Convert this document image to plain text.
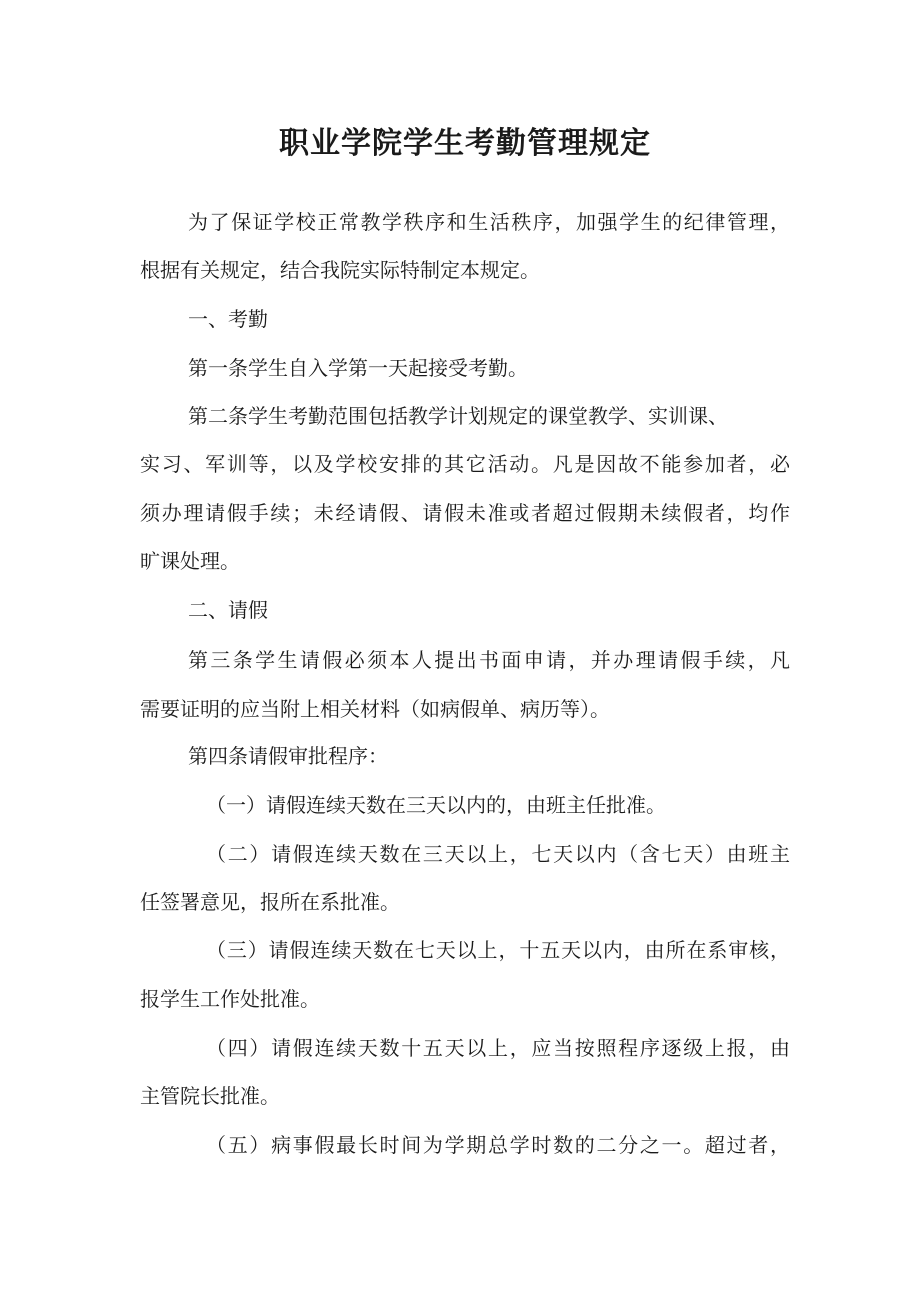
职业学院学生考勤管理规定

为了保证学校正常教学秩序和生活秩序，加强学生的纪律管理，

根据有关规定，结合我院实际特制定本规定。

一、考勤

第一条学生自入学第一天起接受考勤。

第二条学生考勤范围包括教学计划规定的课堂教学、实训课、

实习、军训等，以及学校安排的其它活动。凡是因故不能参加者，必

须办理请假手续；未经请假、请假未准或者超过假期未续假者，均作

旷课处理。

二、请假

第三条学生请假必须本人提出书面申请，并办理请假手续，凡

需要证明的应当附上相关材料（如病假单、病历等）。

第四条请假审批程序：

（一）请假连续天数在三天以内的，由班主任批准。

（二）请假连续天数在三天以上，七天以内（含七天）由班主

任签署意见，报所在系批准。

（三）请假连续天数在七天以上，十五天以内，由所在系审核，

报学生工作处批准。

（四）请假连续天数十五天以上，应当按照程序逐级上报，由

主管院长批准。

（五）病事假最长时间为学期总学时数的二分之一。超过者，
